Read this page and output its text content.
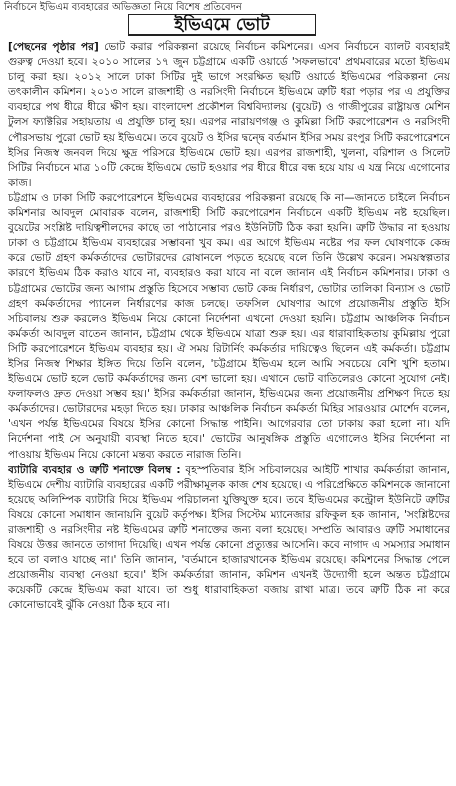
নির্বাচনে ইভিএম ব্যবহারের অভিজ্ঞতা নিয়ে বিশেষ প্রতিবেদন
ইভিএমে ভোট

[পেছনের পৃষ্ঠার পর] ভোট করার পরিকল্পনা রয়েছে নির্বাচন কমিশনের। এসব নির্বাচনে ব্যালট ব্যবহারই গুরুত্ব দেওয়া হবে। ২০১০ সালের ১৭ জুন চট্টগ্রামে একটি ওয়ার্ডে 'সফলভাবে' প্রথমবারের মতো ইভিএম চালু করা হয়। ২০১২ সালে ঢাকা সিটির দুই ভাগে সংরক্ষিত ছয়টি ওয়ার্ডে ইভিএমের পরিকল্পনা নেয় তৎকালীন কমিশন। ২০১৩ সালে রাজশাহী ও নরসিংদী নির্বাচনে ইভিএমে ত্রুটি ধরা পড়ার পর এ প্রযুক্তির ব্যবহারে পথ ধীরে ধীরে ক্ষীণ হয়। বাংলাদেশ প্রকৌশল বিশ্ববিদ্যালয় (বুয়েট) ও গাজীপুরের রাষ্ট্রায়ত্ত মেশিন টুলস ফ্যাক্টরির সহায়তায় এ প্রযুক্তি চালু হয়। এরপর নারায়ণগঞ্জ ও কুমিল্লা সিটি করপোরেশন ও নরসিংদী পৌরসভায় পুরো ভোট হয় ইভিএমে। তবে বুয়েট ও ইসির দ্বন্দ্বে বর্তমান ইসির সময় রংপুর সিটি করপোরেশনে ইসির নিজস্ব জনবল দিয়ে ক্ষুদ্র পরিসরে ইভিএমে ভোট হয়। এরপর রাজশাহী, খুলনা, বরিশাল ও সিলেট সিটির নির্বাচনে মাত্র ১০টি কেন্দ্রে ইভিএমে ভোট হওয়ার পর ধীরে ধীরে বন্ধ হয়ে যায় এ যন্ত্র নিয়ে এগোনোর কাজ।

চট্টগ্রাম ও ঢাকা সিটি করপোরেশনে ইভিএমের ব্যবহারের পরিকল্পনা রয়েছে কি না—জানতে চাইলে নির্বাচন কমিশনার আবদুল মোবারক বলেন, রাজশাহী সিটি করপোরেশন নির্বাচনে একটি ইভিএম নষ্ট হয়েছিল। বুয়েটের সংশ্লিষ্ট দায়িত্বশীলদের কাছে তা পাঠানোর পরও ইউনিটটি ঠিক করা হয়নি। ত্রুটি উদ্ধার না হওয়ায় ঢাকা ও চট্টগ্রামে ইভিএম ব্যবহারের সম্ভাবনা খুব কম। এর আগে ইভিএম নষ্টের পর ফল ঘোষণাকে কেন্দ্র করে ভোট গ্রহণ কর্মকর্তাদের ভোটারদের রোষানলে পড়তে হয়েছে বলে তিনি উল্লেখ করেন। সময়স্বল্পতার কারণে ইভিএম ঠিক করাও যাবে না, ব্যবহারও করা যাবে না বলে জানান এই নির্বাচন কমিশনার। ঢাকা ও চট্টগ্রামের ভোটের জন্য আগাম প্রস্তুতি হিসেবে সম্ভাব্য ভোট কেন্দ্র নির্ধারণ, ভোটার তালিকা বিন্যাস ও ভোট গ্রহণ কর্মকর্তাদের প্যানেল নির্ধারণের কাজ চলছে। তফসিল ঘোষণার আগে প্রয়োজনীয় প্রস্তুতি ইসি সচিবালয় শুরু করলেও ইভিএম নিয়ে কোনো নির্দেশনা এখনো দেওয়া হয়নি। চট্টগ্রাম আঞ্চলিক নির্বাচন কর্মকর্তা আবদুল বাতেন জানান, চট্টগ্রাম থেকে ইভিএমে যাত্রা শুরু হয়। এর ধারাবাহিকতায় কুমিল্লায় পুরো সিটি করপোরেশনে ইভিএম ব্যবহার হয়। ঐ সময় রিটার্নিং কর্মকর্তার দায়িত্বেও ছিলেন এই কর্মকর্তা। চট্টগ্রাম ইসির নিজস্ব শিক্ষার ইঙ্গিত দিয়ে তিনি বলেন, 'চট্টগ্রামে ইভিএম হলে আমি সবচেয়ে বেশি খুশি হতাম। ইভিএমে ভোট হলে ভোট কর্মকর্তাদের জন্য বেশ ভালো হয়। এখানে ভোট বাতিলেরও কোনো সুযোগ নেই। ফলাফলও দ্রুত দেওয়া সম্ভব হয়।' ইসির কর্মকর্তারা জানান, ইভিএমের জন্য প্রয়োজনীয় প্রশিক্ষণ দিতে হয় কর্মকর্তাদের। ভোটারদের মহড়া দিতে হয়। ঢাকার আঞ্চলিক নির্বাচন কর্মকর্তা মিহির সারওয়ার মোর্শেদ বলেন, 'এখন পর্যন্ত ইভিএমের বিষয়ে ইসির কোনো সিদ্ধান্ত পাইনি। আগেরবার তো ঢাকায় করা হলো না। যদি নির্দেশনা পাই সে অনুযায়ী ব্যবস্থা নিতে হবে।' ভোটের আনুষঙ্গিক প্রস্তুতি এগোলেও ইসির নির্দেশনা না পাওয়ায় ইভিএম নিয়ে কোনো মন্তব্য করতে নারাজ তিনি।

ব্যাটারি ব্যবহার ও ত্রুটি শনাক্তে বিলম্ব : বৃহস্পতিবার ইসি সচিবালয়ের আইটি শাখার কর্মকর্তারা জানান, ইভিএমে দেশীয় ব্যাটারি ব্যবহারের একটি পরীক্ষামূলক কাজ শেষ হয়েছে। এ পরিপ্রেক্ষিতে কমিশনকে জানানো হয়েছে অলিম্পিক ব্যাটারি দিয়ে ইভিএম পরিচালনা যুক্তিযুক্ত হবে। তবে ইভিএমের কন্ট্রোল ইউনিটে ত্রুটির বিষয়ে কোনো সমাধান জানায়নি বুয়েট কর্তৃপক্ষ। ইসির সিস্টেম ম্যানেজার রফিকুল হক জানান, 'সংশ্লিষ্টদের রাজশাহী ও নরসিংদীর নষ্ট ইভিএমের ত্রুটি শনাক্তের জন্য বলা হয়েছে। সম্প্রতি আবারও ত্রুটি সমাধানের বিষয়ে উত্তর জানতে তাগাদা দিয়েছি। এখন পর্যন্ত কোনো প্রত্যুত্তর আসেনি। কবে নাগাদ এ সমস্যার সমাধান হবে তা বলাও যাচ্ছে না।' তিনি জানান, 'বর্তমানে হাজারখানেক ইভিএম রয়েছে। কমিশনের সিদ্ধান্ত পেলে প্রয়োজনীয় ব্যবস্থা নেওয়া হবে।' ইসি কর্মকর্তারা জানান, কমিশন এখনই উদ্যোগী হলে অন্তত চট্টগ্রামে কয়েকটি কেন্দ্রে ইভিএম করা যাবে। তা শুধু ধারাবাহিকতা বজায় রাখা মাত্র। তবে ত্রুটি ঠিক না করে কোনোভাবেই ঝুঁকি নেওয়া ঠিক হবে না।
